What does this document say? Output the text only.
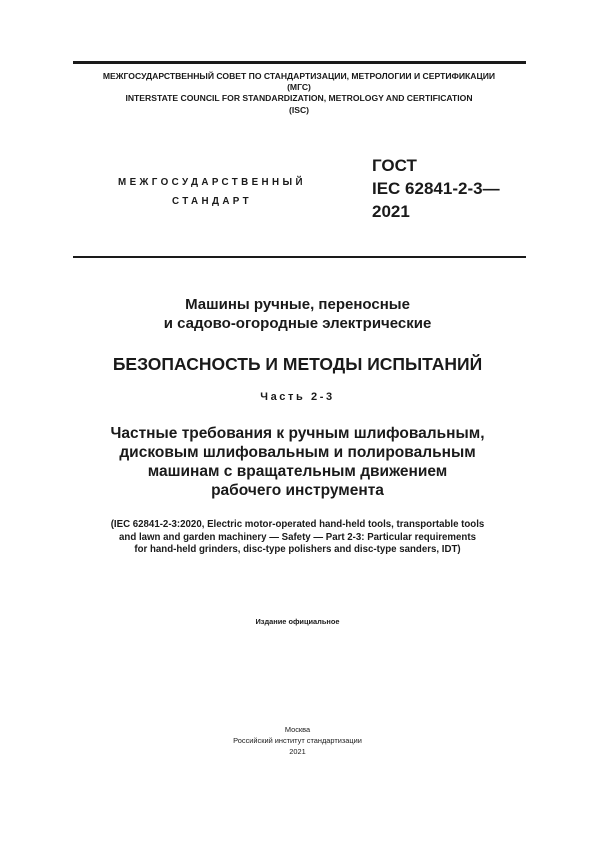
МЕЖГОСУДАРСТВЕННЫЙ СОВЕТ ПО СТАНДАРТИЗАЦИИ, МЕТРОЛОГИИ И СЕРТИФИКАЦИИ
(МГС)
INTERSTATE COUNCIL FOR STANDARDIZATION, METROLOGY AND CERTIFICATION
(ISC)
МЕЖГОСУДАРСТВЕННЫЙ
СТАНДАРТ
ГОСТ
IEC 62841-2-3—
2021
Машины ручные, переносные
и садово-огородные электрические
БЕЗОПАСНОСТЬ И МЕТОДЫ ИСПЫТАНИЙ
Часть 2-3
Частные требования к ручным шлифовальным,
дисковым шлифовальным и полировальным
машинам с вращательным движением
рабочего инструмента
(IEC 62841-2-3:2020, Electric motor-operated hand-held tools, transportable tools
and lawn and garden machinery — Safety — Part 2-3: Particular requirements
for hand-held grinders, disc-type polishers and disc-type sanders, IDT)
Издание официальное
Москва
Российский институт стандартизации
2021
